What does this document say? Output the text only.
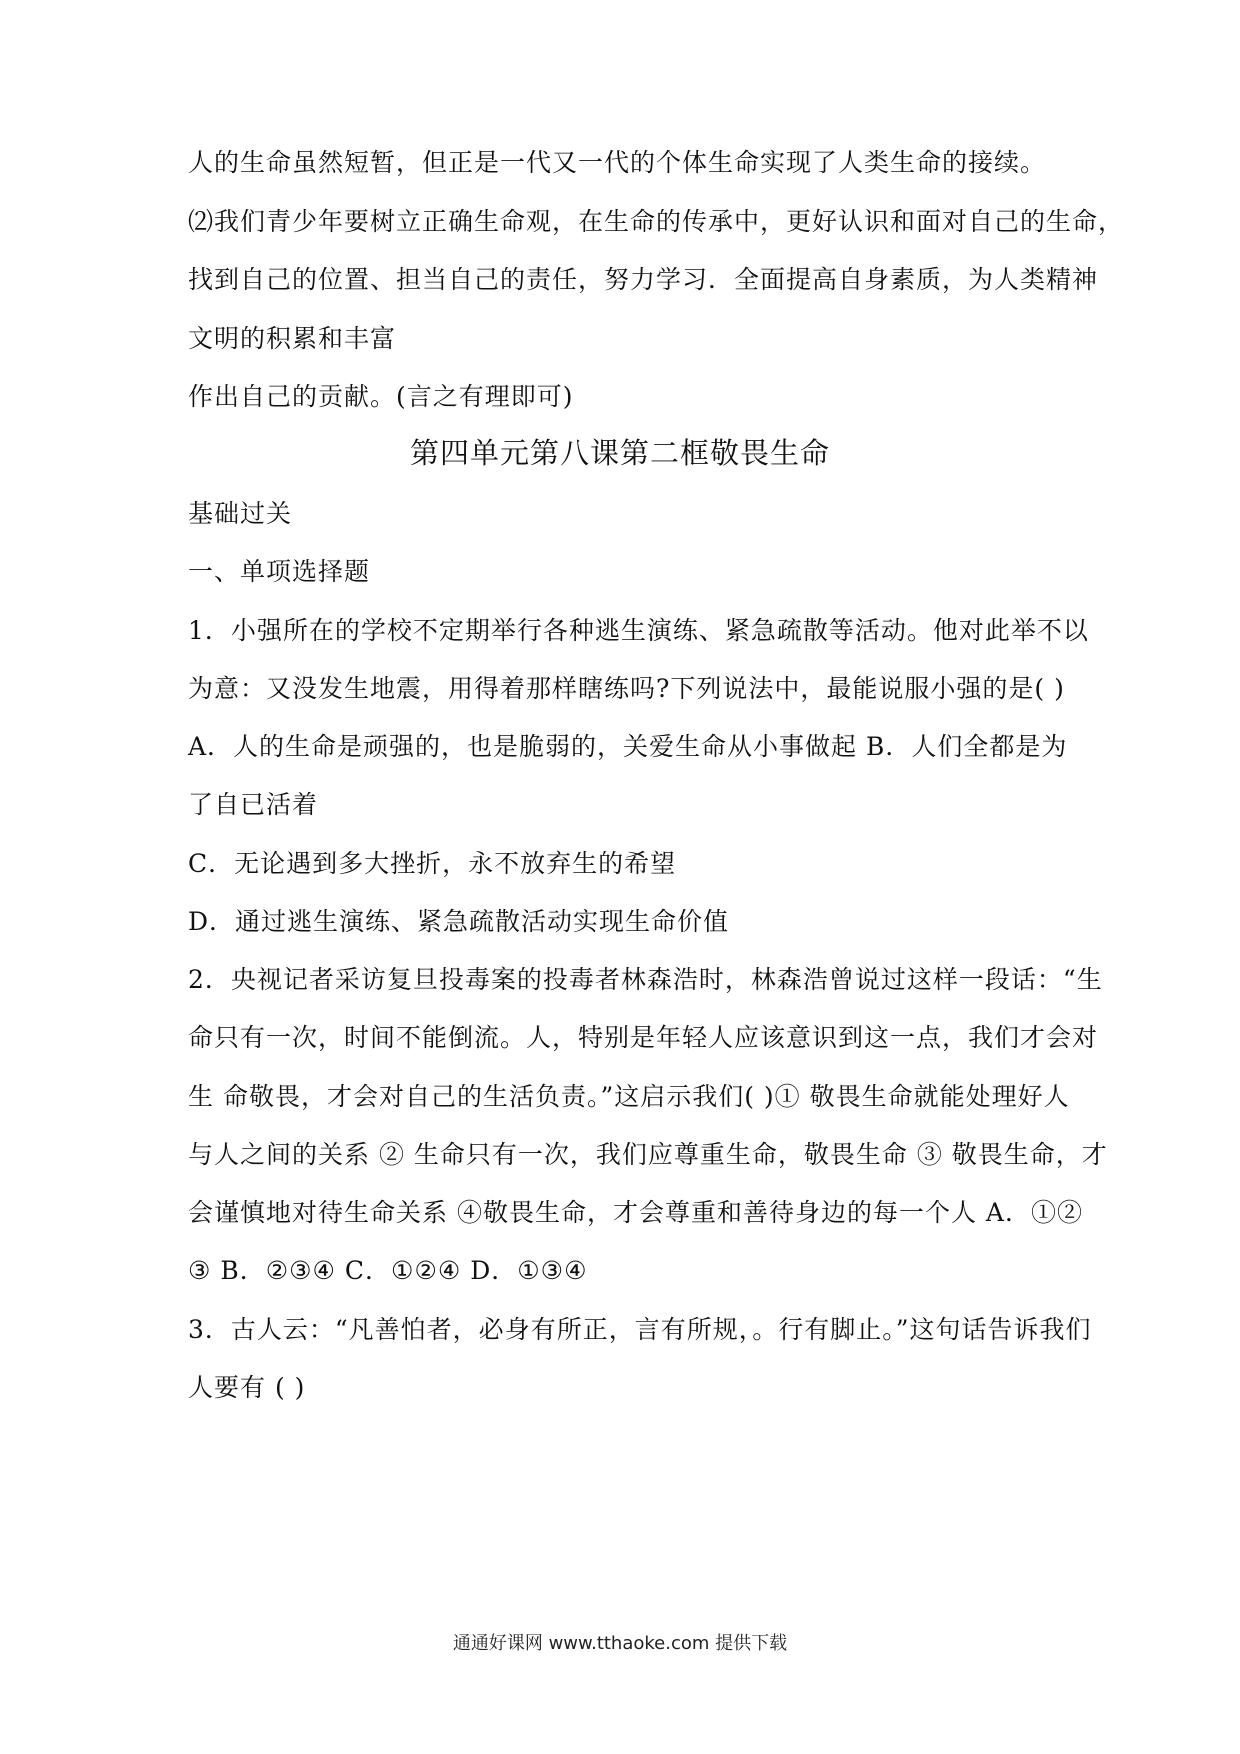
人的生命虽然短暂，但正是一代又一代的个体生命实现了人类生命的接续。
⑵我们青少年要树立正确生命观，在生命的传承中，更好认识和面对自己的生命，
找到自己的位置、担当自己的责任，努力学习．全面提高自身素质，为人类精神
文明的积累和丰富
作出自己的贡献。(言之有理即可)
第四单元第八课第二框敬畏生命
基础过关
一、单项选择题
1．小强所在的学校不定期举行各种逃生演练、紧急疏散等活动。他对此举不以
为意：又没发生地震，用得着那样瞎练吗?下列说法中，最能说服小强的是( )
A．人的生命是顽强的，也是脆弱的，关爱生命从小事做起 B．人们全都是为
了自已活着
C．无论遇到多大挫折，永不放弃生的希望
D．通过逃生演练、紧急疏散活动实现生命价值
2．央视记者采访复旦投毒案的投毒者林森浩时，林森浩曾说过这样一段话：“生
命只有一次，时间不能倒流。人，特别是年轻人应该意识到这一点，我们才会对
生 命敬畏，才会对自己的生活负责。”这启示我们( )① 敬畏生命就能处理好人
与人之间的关系 ② 生命只有一次，我们应尊重生命，敬畏生命 ③ 敬畏生命，才
会谨慎地对待生命关系 ④敬畏生命，才会尊重和善待身边的每一个人 A．①②
③ B．②③④ C．①②④ D．①③④
3．古人云：“凡善怕者，必身有所正，言有所规，。行有脚止。”这句话告诉我们
人要有 ( )
通通好课网 www.tthaoke.com 提供下载
